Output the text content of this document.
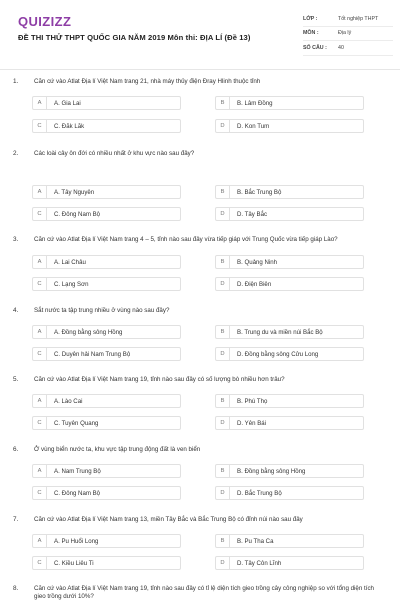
QUIZIZZ
ĐỀ THI THỬ THPT QUỐC GIA NĂM 2019 Môn thi: ĐỊA LÍ (Đề 13)
LỚP :	Tốt nghiệp THPT
MÔN :	Địa lý
SỐ CÂU :	40
1.	Căn cứ vào Atlat Địa lí Việt Nam trang 21, nhà máy thủy điện Đray Hlinh thuộc tỉnh
A	A. Gia Lai	B	B. Lâm Đồng
C	C. Đăk Lăk	D	D. Kon Tum
2.	Các loài cây ôn đới có nhiều nhất ở khu vực nào sau đây?
A	A. Tây Nguyên	B	B. Bắc Trung Bộ
C	C. Đông Nam Bộ	D	D. Tây Bắc
3.	Căn cứ vào Atlat Địa lí Việt Nam trang 4 – 5, tỉnh nào sau đây vừa tiếp giáp với Trung Quốc vừa tiếp giáp Lào?
A	A. Lai Châu	B	B. Quảng Ninh
C	C. Lạng Sơn	D	D. Điện Biên
4.	Sắt nước ta tập trung nhiều ở vùng nào sau đây?
A	A. Đồng bằng sông Hồng	B	B. Trung du và miền núi Bắc Bộ
C	C. Duyên hải Nam Trung Bộ	D	D. Đồng bằng sông Cửu Long
5.	Căn cứ vào Atlat Địa lí Việt Nam trang 19, tỉnh nào sau đây có số lượng bò nhiều hơn trâu?
A	A. Lào Cai	B	B. Phú Thọ
C	C. Tuyên Quang	D	D. Yên Bái
6.	Ở vùng biển nước ta, khu vực tập trung động đất là ven biển
A	A. Nam Trung Bộ	B	B. Đồng bằng sông Hồng
C	C. Đông Nam Bộ	D	D. Bắc Trung Bộ
7.	Căn cứ vào Atlat Địa lí Việt Nam trang 13, miền Tây Bắc và Bắc Trung Bộ có đỉnh núi nào sau đây
A	A. Pu Huổi Long	B	B. Pu Tha Ca
C	C. Kiều Liêu Ti	D	D. Tây Côn Lĩnh
8.	Căn cứ vào Atlat Địa lí Việt Nam trang 19, tỉnh nào sau đây có tỉ lệ diện tích gieo trồng cây công nghiệp so với tổng diện tích gieo trồng dưới 10%?
